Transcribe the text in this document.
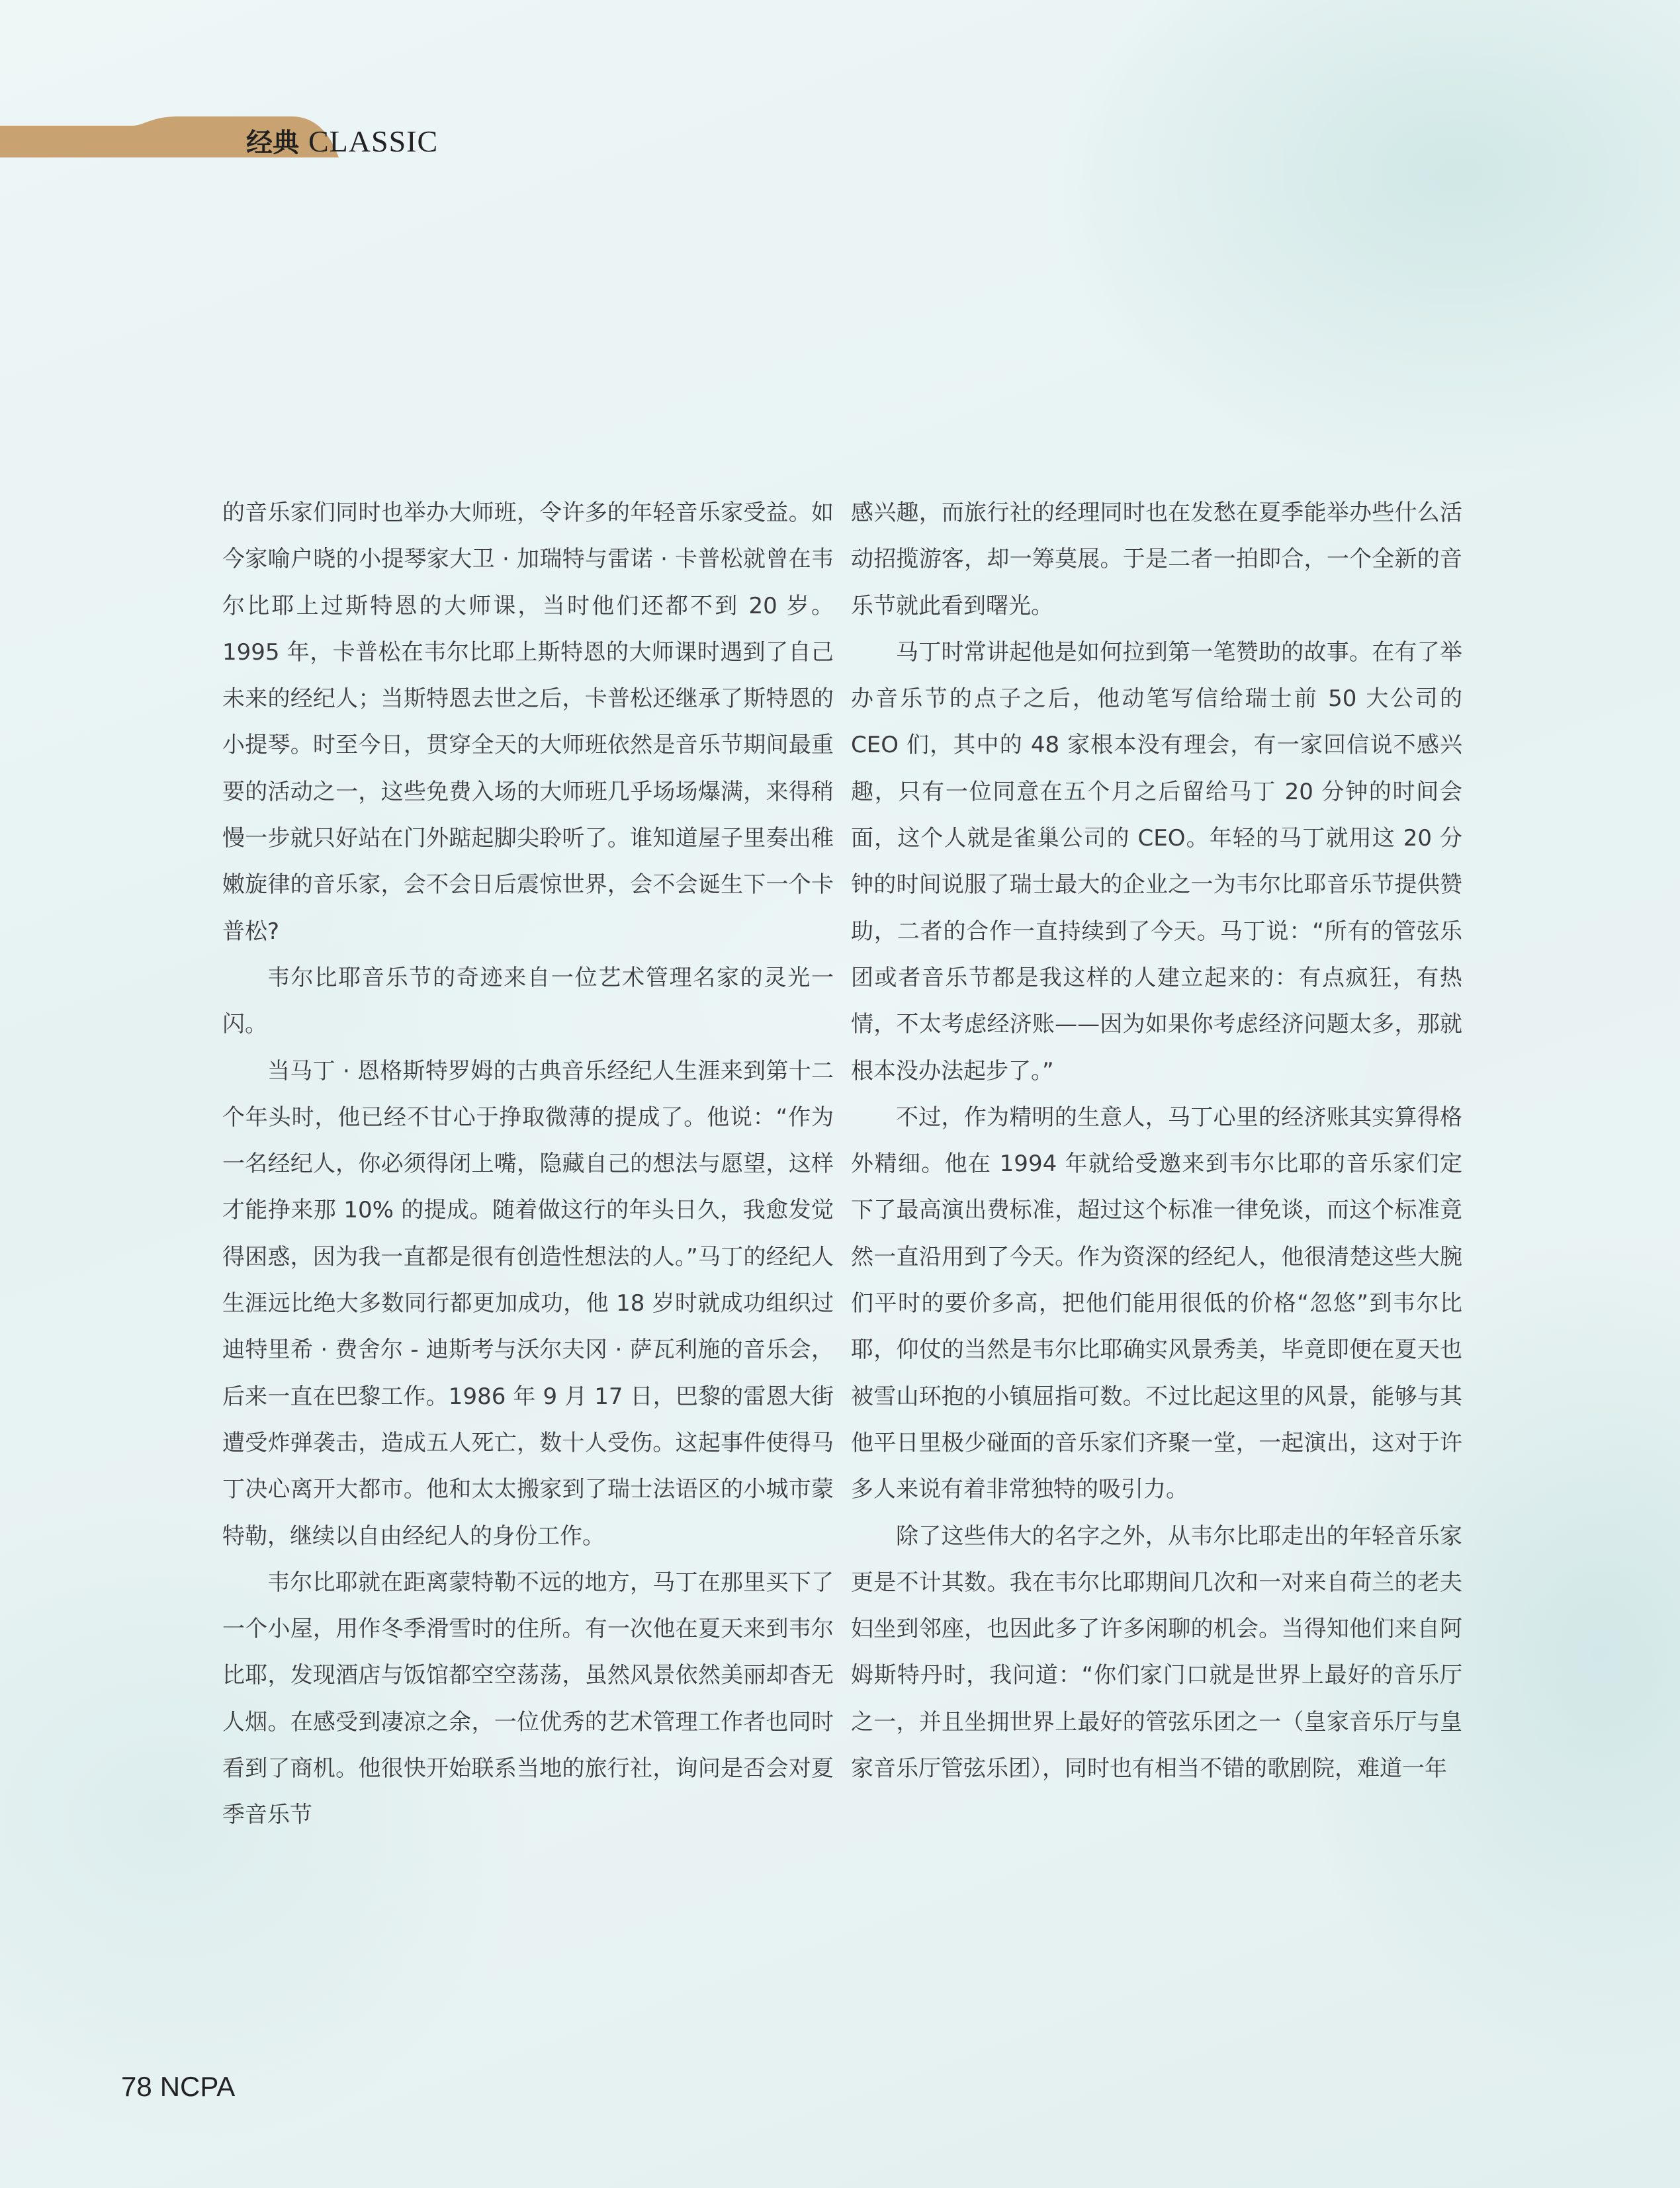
经典 CLASSIC

的音乐家们同时也举办大师班，令许多的年轻音乐家受益。如今家喻户晓的小提琴家大卫 · 加瑞特与雷诺 · 卡普松就曾在韦尔比耶上过斯特恩的大师课，当时他们还都不到 20 岁。1995 年，卡普松在韦尔比耶上斯特恩的大师课时遇到了自己未来的经纪人；当斯特恩去世之后，卡普松还继承了斯特恩的小提琴。时至今日，贯穿全天的大师班依然是音乐节期间最重要的活动之一，这些免费入场的大师班几乎场场爆满，来得稍慢一步就只好站在门外踮起脚尖聆听了。谁知道屋子里奏出稚嫩旋律的音乐家，会不会日后震惊世界，会不会诞生下一个卡普松?

韦尔比耶音乐节的奇迹来自一位艺术管理名家的灵光一闪。

当马丁 · 恩格斯特罗姆的古典音乐经纪人生涯来到第十二个年头时，他已经不甘心于挣取微薄的提成了。他说：“作为一名经纪人，你必须得闭上嘴，隐藏自己的想法与愿望，这样才能挣来那 10% 的提成。随着做这行的年头日久，我愈发觉得困惑，因为我一直都是很有创造性想法的人。”马丁的经纪人生涯远比绝大多数同行都更加成功，他 18 岁时就成功组织过迪特里希 · 费舍尔 - 迪斯考与沃尔夫冈 · 萨瓦利施的音乐会，后来一直在巴黎工作。1986 年 9 月 17 日，巴黎的雷恩大街遭受炸弹袭击，造成五人死亡，数十人受伤。这起事件使得马丁决心离开大都市。他和太太搬家到了瑞士法语区的小城市蒙特勒，继续以自由经纪人的身份工作。

韦尔比耶就在距离蒙特勒不远的地方，马丁在那里买下了一个小屋，用作冬季滑雪时的住所。有一次他在夏天来到韦尔比耶，发现酒店与饭馆都空空荡荡，虽然风景依然美丽却杳无人烟。在感受到凄凉之余，一位优秀的艺术管理工作者也同时看到了商机。他很快开始联系当地的旅行社，询问是否会对夏季音乐节

感兴趣，而旅行社的经理同时也在发愁在夏季能举办些什么活动招揽游客，却一筹莫展。于是二者一拍即合，一个全新的音乐节就此看到曙光。

马丁时常讲起他是如何拉到第一笔赞助的故事。在有了举办音乐节的点子之后，他动笔写信给瑞士前 50 大公司的 CEO 们，其中的 48 家根本没有理会，有一家回信说不感兴趣，只有一位同意在五个月之后留给马丁 20 分钟的时间会面，这个人就是雀巢公司的 CEO。年轻的马丁就用这 20 分钟的时间说服了瑞士最大的企业之一为韦尔比耶音乐节提供赞助，二者的合作一直持续到了今天。马丁说：“所有的管弦乐团或者音乐节都是我这样的人建立起来的：有点疯狂，有热情，不太考虑经济账——因为如果你考虑经济问题太多，那就根本没办法起步了。”

不过，作为精明的生意人，马丁心里的经济账其实算得格外精细。他在 1994 年就给受邀来到韦尔比耶的音乐家们定下了最高演出费标准，超过这个标准一律免谈，而这个标准竟然一直沿用到了今天。作为资深的经纪人，他很清楚这些大腕们平时的要价多高，把他们能用很低的价格“忽悠”到韦尔比耶，仰仗的当然是韦尔比耶确实风景秀美，毕竟即便在夏天也被雪山环抱的小镇屈指可数。不过比起这里的风景，能够与其他平日里极少碰面的音乐家们齐聚一堂，一起演出，这对于许多人来说有着非常独特的吸引力。

除了这些伟大的名字之外，从韦尔比耶走出的年轻音乐家更是不计其数。我在韦尔比耶期间几次和一对来自荷兰的老夫妇坐到邻座，也因此多了许多闲聊的机会。当得知他们来自阿姆斯特丹时，我问道：“你们家门口就是世界上最好的音乐厅之一，并且坐拥世界上最好的管弦乐团之一（皇家音乐厅与皇家音乐厅管弦乐团），同时也有相当不错的歌剧院，难道一年

78 NCPA
